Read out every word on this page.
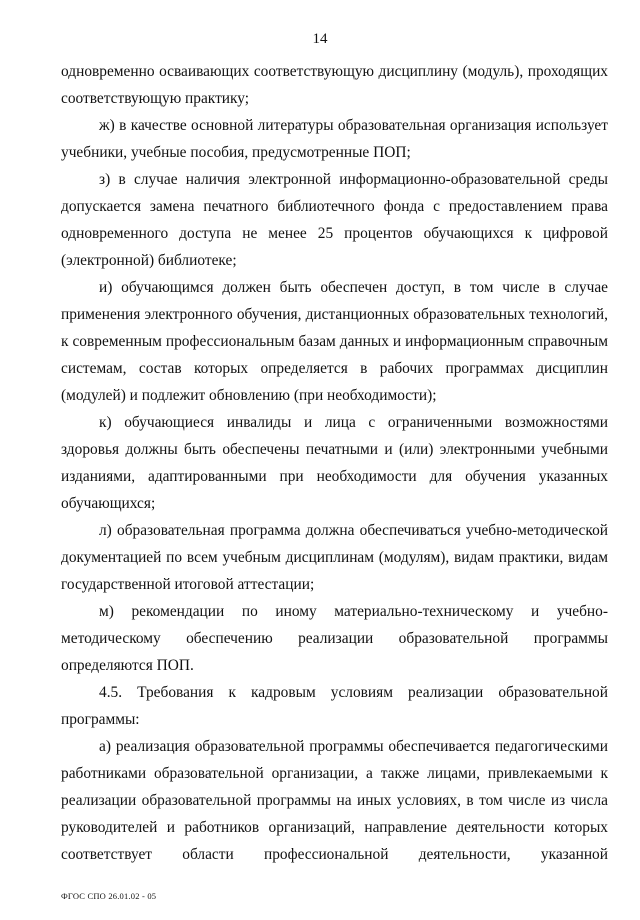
14

одновременно осваивающих соответствующую дисциплину (модуль), проходящих соответствующую практику;

ж) в качестве основной литературы образовательная организация использует учебники, учебные пособия, предусмотренные ПОП;

з) в случае наличия электронной информационно-образовательной среды допускается замена печатного библиотечного фонда с предоставлением права одновременного доступа не менее 25 процентов обучающихся к цифровой (электронной) библиотеке;

и) обучающимся должен быть обеспечен доступ, в том числе в случае применения электронного обучения, дистанционных образовательных технологий, к современным профессиональным базам данных и информационным справочным системам, состав которых определяется в рабочих программах дисциплин (модулей) и подлежит обновлению (при необходимости);

к) обучающиеся инвалиды и лица с ограниченными возможностями здоровья должны быть обеспечены печатными и (или) электронными учебными изданиями, адаптированными при необходимости для обучения указанных обучающихся;

л) образовательная программа должна обеспечиваться учебно-методической документацией по всем учебным дисциплинам (модулям), видам практики, видам государственной итоговой аттестации;

м) рекомендации по иному материально-техническому и учебно-методическому обеспечению реализации образовательной программы определяются ПОП.

4.5. Требования к кадровым условиям реализации образовательной программы:

а) реализация образовательной программы обеспечивается педагогическими работниками образовательной организации, а также лицами, привлекаемыми к реализации образовательной программы на иных условиях, в том числе из числа руководителей и работников организаций, направление деятельности которых соответствует области профессиональной деятельности, указанной

ФГОС СПО 26.01.02 - 05
